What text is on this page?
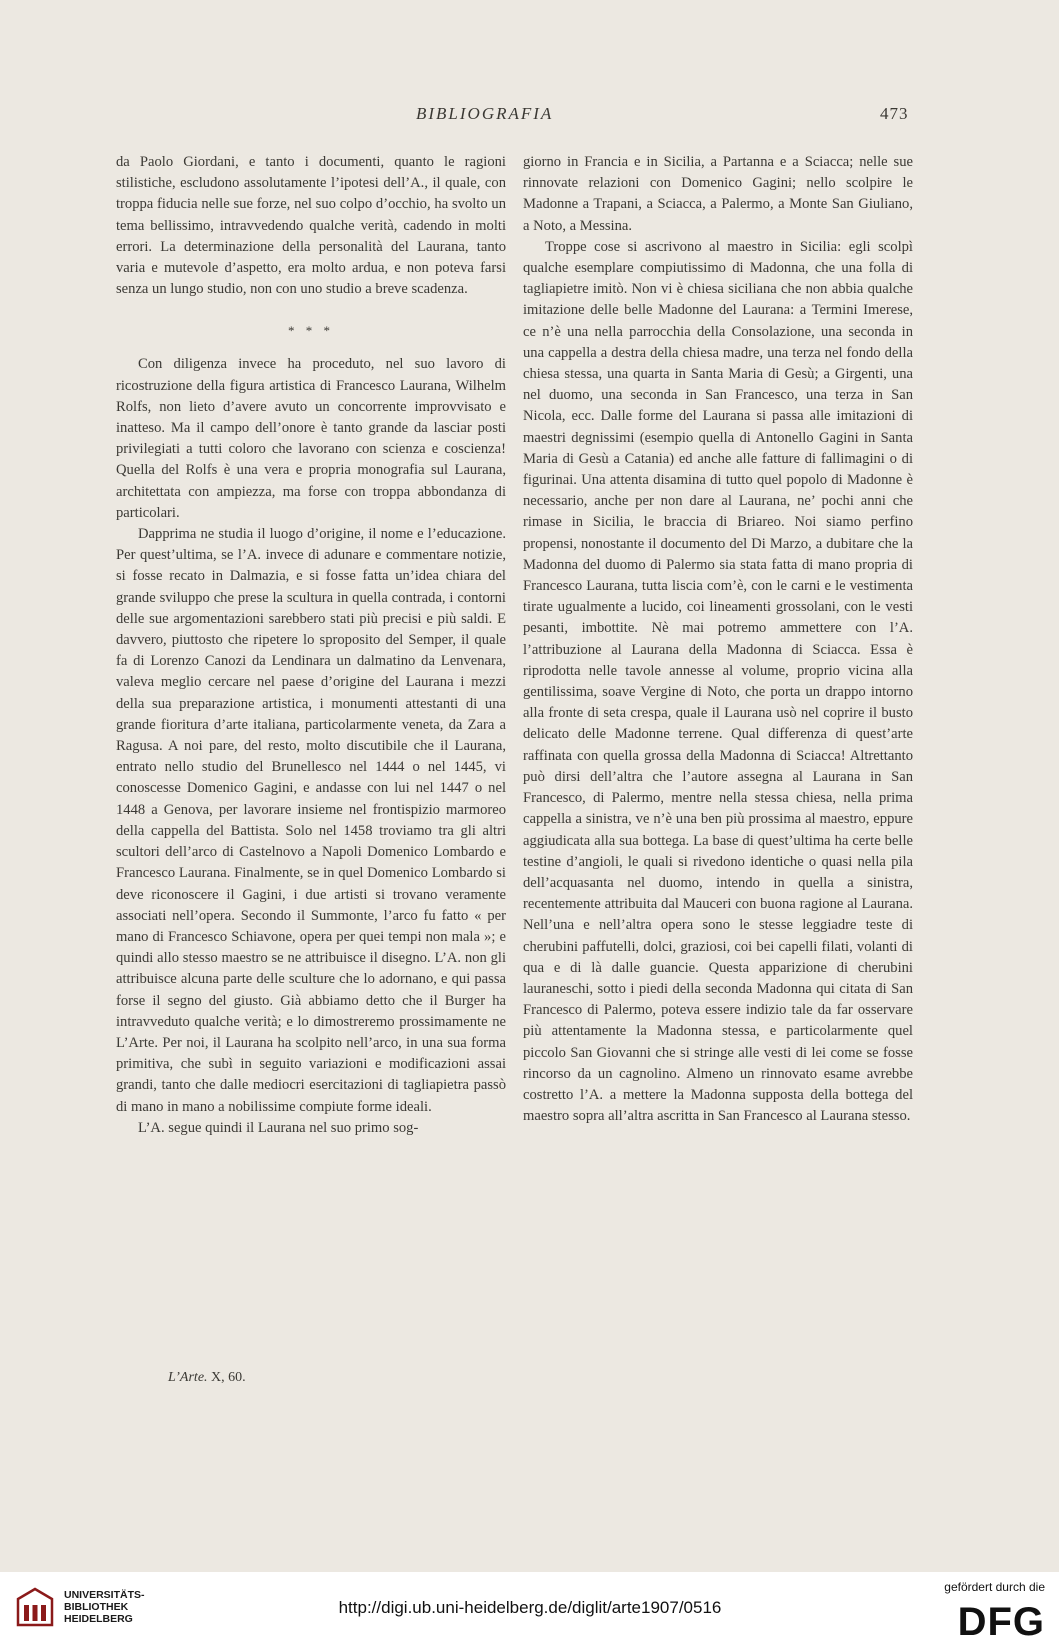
BIBLIOGRAFIA	473

da Paolo Giordani, e tanto i documenti, quanto le ragioni stilistiche, escludono assolutamente l’ipotesi dell’A., il quale, con troppa fiducia nelle sue forze, nel suo colpo d’occhio, ha svolto un tema bellissimo, intravvedendo qualche verità, cadendo in molti errori. La determinazione della personalità del Laurana, tanto varia e mutevole d’aspetto, era molto ardua, e non poteva farsi senza un lungo studio, non con uno studio a breve scadenza.

* * *

Con diligenza invece ha proceduto, nel suo lavoro di ricostruzione della figura artistica di Francesco Laurana, Wilhelm Rolfs, non lieto d’avere avuto un concorrente improvvisato e inatteso. Ma il campo dell’onore è tanto grande da lasciar posti privilegiati a tutti coloro che lavorano con scienza e coscienza! Quella del Rolfs è una vera e propria monografia sul Laurana, architettata con ampiezza, ma forse con troppa abbondanza di particolari.

Dapprima ne studia il luogo d’origine, il nome e l’educazione. Per quest’ultima, se l’A. invece di adunare e commentare notizie, si fosse recato in Dalmazia, e si fosse fatta un’idea chiara del grande sviluppo che prese la scultura in quella contrada, i contorni delle sue argomentazioni sarebbero stati più precisi e più saldi. E davvero, piuttosto che ripetere lo sproposito del Semper, il quale fa di Lorenzo Canozi da Lendinara un dalmatino da Lenvenara, valeva meglio cercare nel paese d’origine del Laurana i mezzi della sua preparazione artistica, i monumenti attestanti di una grande fioritura d’arte italiana, particolarmente veneta, da Zara a Ragusa. A noi pare, del resto, molto discutibile che il Laurana, entrato nello studio del Brunellesco nel 1444 o nel 1445, vi conoscesse Domenico Gagini, e andasse con lui nel 1447 o nel 1448 a Genova, per lavorare insieme nel frontispizio marmoreo della cappella del Battista. Solo nel 1458 troviamo tra gli altri scultori dell’arco di Castelnovo a Napoli Domenico Lombardo e Francesco Laurana. Finalmente, se in quel Domenico Lombardo si deve riconoscere il Gagini, i due artisti si trovano veramente associati nell’opera. Secondo il Summonte, l’arco fu fatto « per mano di Francesco Schiavone, opera per quei tempi non mala »; e quindi allo stesso maestro se ne attribuisce il disegno. L’A. non gli attribuisce alcuna parte delle sculture che lo adornano, e qui passa forse il segno del giusto. Già abbiamo detto che il Burger ha intravveduto qualche verità; e lo dimostreremo prossimamente ne L’Arte. Per noi, il Laurana ha scolpito nell’arco, in una sua forma primitiva, che subì in seguito variazioni e modificazioni assai grandi, tanto che dalle mediocri esercitazioni di tagliapietra passò di mano in mano a nobilissime compiute forme ideali.

L’A. segue quindi il Laurana nel suo primo sog-

giorno in Francia e in Sicilia, a Partanna e a Sciacca; nelle sue rinnovate relazioni con Domenico Gagini; nello scolpire le Madonne a Trapani, a Sciacca, a Palermo, a Monte San Giuliano, a Noto, a Messina.

Troppe cose si ascrivono al maestro in Sicilia: egli scolpì qualche esemplare compiutissimo di Madonna, che una folla di tagliapietre imitò. Non vi è chiesa siciliana che non abbia qualche imitazione delle belle Madonne del Laurana: a Termini Imerese, ce n’è una nella parrocchia della Consolazione, una seconda in una cappella a destra della chiesa madre, una terza nel fondo della chiesa stessa, una quarta in Santa Maria di Gesù; a Girgenti, una nel duomo, una seconda in San Francesco, una terza in San Nicola, ecc. Dalle forme del Laurana si passa alle imitazioni di maestri degnissimi (esempio quella di Antonello Gagini in Santa Maria di Gesù a Catania) ed anche alle fatture di fallimagini o di figurinai. Una attenta disamina di tutto quel popolo di Madonne è necessario, anche per non dare al Laurana, ne’ pochi anni che rimase in Sicilia, le braccia di Briareo. Noi siamo perfino propensi, nonostante il documento del Di Marzo, a dubitare che la Madonna del duomo di Palermo sia stata fatta di mano propria di Francesco Laurana, tutta liscia com’è, con le carni e le vestimenta tirate ugualmente a lucido, coi lineamenti grossolani, con le vesti pesanti, imbottite. Nè mai potremo ammettere con l’A. l’attribuzione al Laurana della Madonna di Sciacca. Essa è riprodotta nelle tavole annesse al volume, proprio vicina alla gentilissima, soave Vergine di Noto, che porta un drappo intorno alla fronte di seta crespa, quale il Laurana usò nel coprire il busto delicato delle Madonne terrene. Qual differenza di quest’arte raffinata con quella grossa della Madonna di Sciacca! Altrettanto può dirsi dell’altra che l’autore assegna al Laurana in San Francesco, di Palermo, mentre nella stessa chiesa, nella prima cappella a sinistra, ve n’è una ben più prossima al maestro, eppure aggiudicata alla sua bottega. La base di quest’ultima ha certe belle testine d’angioli, le quali si rivedono identiche o quasi nella pila dell’acquasanta nel duomo, intendo in quella a sinistra, recentemente attribuita dal Mauceri con buona ragione al Laurana. Nell’una e nell’altra opera sono le stesse leggiadre teste di cherubini paffutelli, dolci, graziosi, coi bei capelli filati, volanti di qua e di là dalle guancie. Questa apparizione di cherubini lauraneschi, sotto i piedi della seconda Madonna qui citata di San Francesco di Palermo, poteva essere indizio tale da far osservare più attentamente la Madonna stessa, e particolarmente quel piccolo San Giovanni che si stringe alle vesti di lei come se fosse rincorso da un cagnolino. Almeno un rinnovato esame avrebbe costretto l’A. a mettere la Madonna supposta della bottega del maestro sopra all’altra ascritta in San Francesco al Laurana stesso.

L’Arte. X, 60.
UNIVERSITÄTS-
BIBLIOTHEK
HEIDELBERG
http://digi.ub.uni-heidelberg.de/diglit/arte1907/0516
gefördert durch die
DFG
